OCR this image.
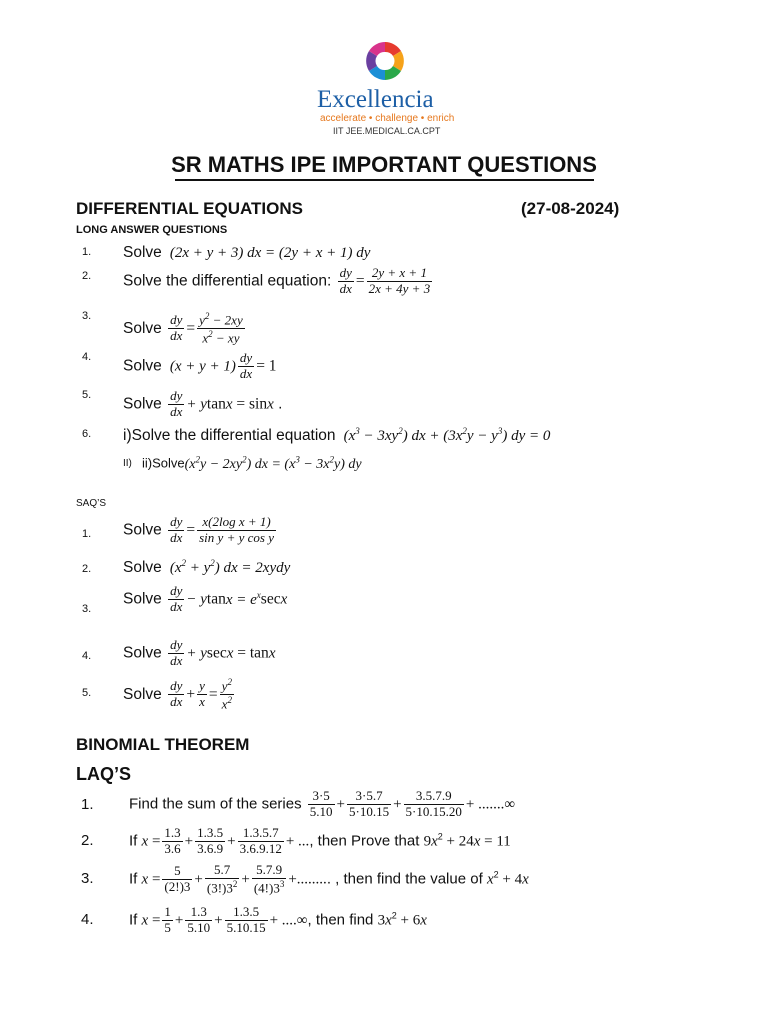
Excellencia
accelerate • challenge • enrich
IIT JEE.MEDICAL.CA.CPT
SR MATHS IPE IMPORTANT QUESTIONS
DIFFERENTIAL EQUATIONS	(27-08-2024)
LONG ANSWER QUESTIONS
1. Solve  (2x + y + 3) dx = (2y + x + 1) dy
2. Solve the differential equation: $\frac{dy}{dx} = \frac{2y + x + 1}{2x + 4y + 3}$
3.
Solve $\frac{dy}{dx} = \frac{y^2 - 2xy}{x^2 - xy}$
4.
Solve  $(x + y + 1) \frac{dy}{dx} = 1$
5.
Solve $\frac{dy}{dx} + ytanx = \sin x$ .
6. i)Solve the differential equation  $(x^3 - 3xy^2)$ dx + $(3x^2y - y^3)$ dy = 0
II) $ii)Solve(x^2y - 2xy^2)$ dx = $(x^3 - 3x^2y)$ dy
SAQ’S
1. Solve $\frac{dy}{dx} = \frac{\text{x(2log x + 1)}}{\text{sin y + y cos y}}$
2. Solve  $(x^2 + y^2)$ dx = 2xydy
3.
Solve $\frac{dy}{dx} - ytanx = e^x\sec x$
4. Solve $\frac{dy}{dx} + ysecx = \tan x$
5. Solve $\frac{dy}{dx} + \frac{y}{x} = \frac{y^2}{x^2}$
BINOMIAL THEOREM
LAQ’S
1. Find the sum of the series $\frac{3\cdot 5}{5.10} + \frac{3\cdot 5.7}{5\cdot 10.15} + \frac{3.5.7.9}{5\cdot 10.15.20}$ + .......∞
2. If $x = \frac{1.3}{3.6} + \frac{1.3.5}{3.6.9} + \frac{1.3.5.7}{3.6.9.12}$ + ..., then Prove that $9x^2 + 24x = 11$
3. If $x = \frac{5}{(2!)3} + \frac{5.7}{(3!)3^2} + \frac{5.7.9}{(4!)3^3}$ +......... , then find the value of $x^2 + 4x$
4. If $x = \frac{1}{5} + \frac{1.3}{5.10} + \frac{1.3.5}{5.10.15}$ + ....∞, then find $3x^2 + 6x$
